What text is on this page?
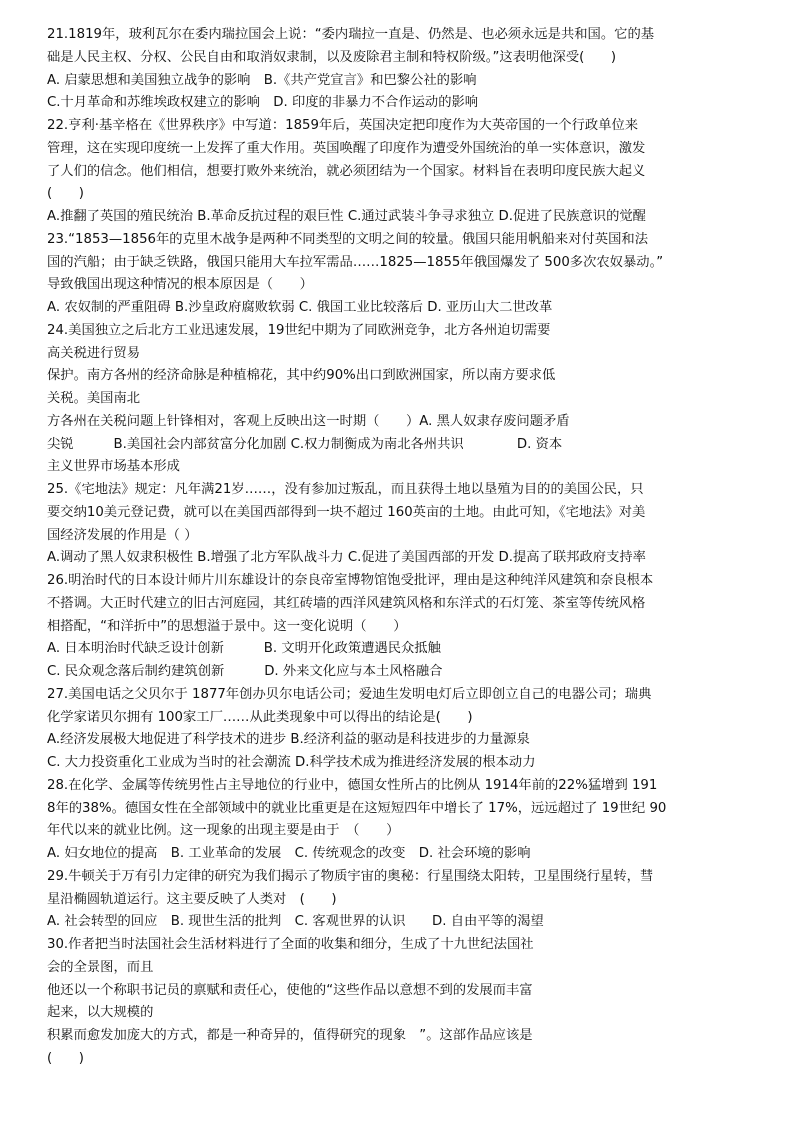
21.1819年，玻利瓦尔在委内瑞拉国会上说：“委内瑞拉一直是、仍然是、也必须永远是共和国。它的基
础是人民主权、分权、公民自由和取消奴隶制，以及废除君主制和特权阶级。”这表明他深受(　　)
A. 启蒙思想和美国独立战争的影响　B.《共产党宣言》和巴黎公社的影响
C.十月革命和苏维埃政权建立的影响　D. 印度的非暴力不合作运动的影响
22.亨利·基辛格在《世界秩序》中写道：1859年后，英国决定把印度作为大英帝国的一个行政单位来
管理，这在实现印度统一上发挥了重大作用。英国唤醒了印度作为遭受外国统治的单一实体意识，激发
了人们的信念。他们相信，想要打败外来统治，就必须团结为一个国家。材料旨在表明印度民族大起义
(　　)
A.推翻了英国的殖民统治 B.革命反抗过程的艰巨性 C.通过武装斗争寻求独立 D.促进了民族意识的觉醒
23.“1853—1856年的克里木战争是两种不同类型的文明之间的较量。俄国只能用帆船来对付英国和法
国的汽船；由于缺乏铁路，俄国只能用大车拉军需品……1825—1855年俄国爆发了 500多次农奴暴动。”
导致俄国出现这种情况的根本原因是（　　）
A. 农奴制的严重阻碍 B.沙皇政府腐败软弱 C. 俄国工业比较落后 D. 亚历山大二世改革
24.美国独立之后北方工业迅速发展，19世纪中期为了同欧洲竞争，北方各州迫切需要
高关税进行贸易
保护。南方各州的经济命脉是种植棉花，其中约90%出口到欧洲国家，所以南方要求低
关税。美国南北
方各州在关税问题上针锋相对，客观上反映出这一时期（　　）A. 黑人奴隶存废问题矛盾
尖锐　　　B.美国社会内部贫富分化加剧 C.权力制衡成为南北各州共识　　　　D. 资本
主义世界市场基本形成
25.《宅地法》规定：凡年满21岁……，没有参加过叛乱，而且获得土地以垦殖为目的的美国公民，只
要交纳10美元登记费，就可以在美国西部得到一块不超过 160英亩的土地。由此可知，《宅地法》对美
国经济发展的作用是（ ）
A.调动了黑人奴隶积极性 B.增强了北方军队战斗力 C.促进了美国西部的开发 D.提高了联邦政府支持率
26.明治时代的日本设计师片川东雄设计的奈良帝室博物馆饱受批评，理由是这种纯洋风建筑和奈良根本
不搭调。大正时代建立的旧古河庭园，其红砖墙的西洋风建筑风格和东洋式的石灯笼、茶室等传统风格
相搭配，“和洋折中”的思想溢于景中。这一变化说明（　　）
A. 日本明治时代缺乏设计创新　　　B. 文明开化政策遭遇民众抵触
C. 民众观念落后制约建筑创新　　　D. 外来文化应与本土风格融合
27.美国电话之父贝尔于 1877年创办贝尔电话公司；爱迪生发明电灯后立即创立自己的电器公司；瑞典
化学家诺贝尔拥有 100家工厂……从此类现象中可以得出的结论是(　　)
A.经济发展极大地促进了科学技术的进步 B.经济利益的驱动是科技进步的力量源泉
C. 大力投资重化工业成为当时的社会潮流 D.科学技术成为推进经济发展的根本动力
28.在化学、金属等传统男性占主导地位的行业中，德国女性所占的比例从 1914年前的22%猛增到 191
8年的38%。德国女性在全部领域中的就业比重更是在这短短四年中增长了 17%，远远超过了 19世纪 90
年代以来的就业比例。这一现象的出现主要是由于　（　　）
A. 妇女地位的提高　B. 工业革命的发展　C. 传统观念的改变　D. 社会环境的影响
29.牛顿关于万有引力定律的研究为我们揭示了物质宇宙的奥秘：行星围绕太阳转，卫星围绕行星转，彗
星沿椭圆轨道运行。这主要反映了人类对　(　　)
A. 社会转型的回应　B. 现世生活的批判　C. 客观世界的认识　　D. 自由平等的渴望
30.作者把当时法国社会生活材料进行了全面的收集和细分，生成了十九世纪法国社
会的全景图，而且
他还以一个称职书记员的禀赋和责任心，使他的“这些作品以意想不到的发展而丰富
起来，以大规模的
积累而愈发加庞大的方式，都是一种奇异的，值得研究的现象　”。这部作品应该是
(　　)
